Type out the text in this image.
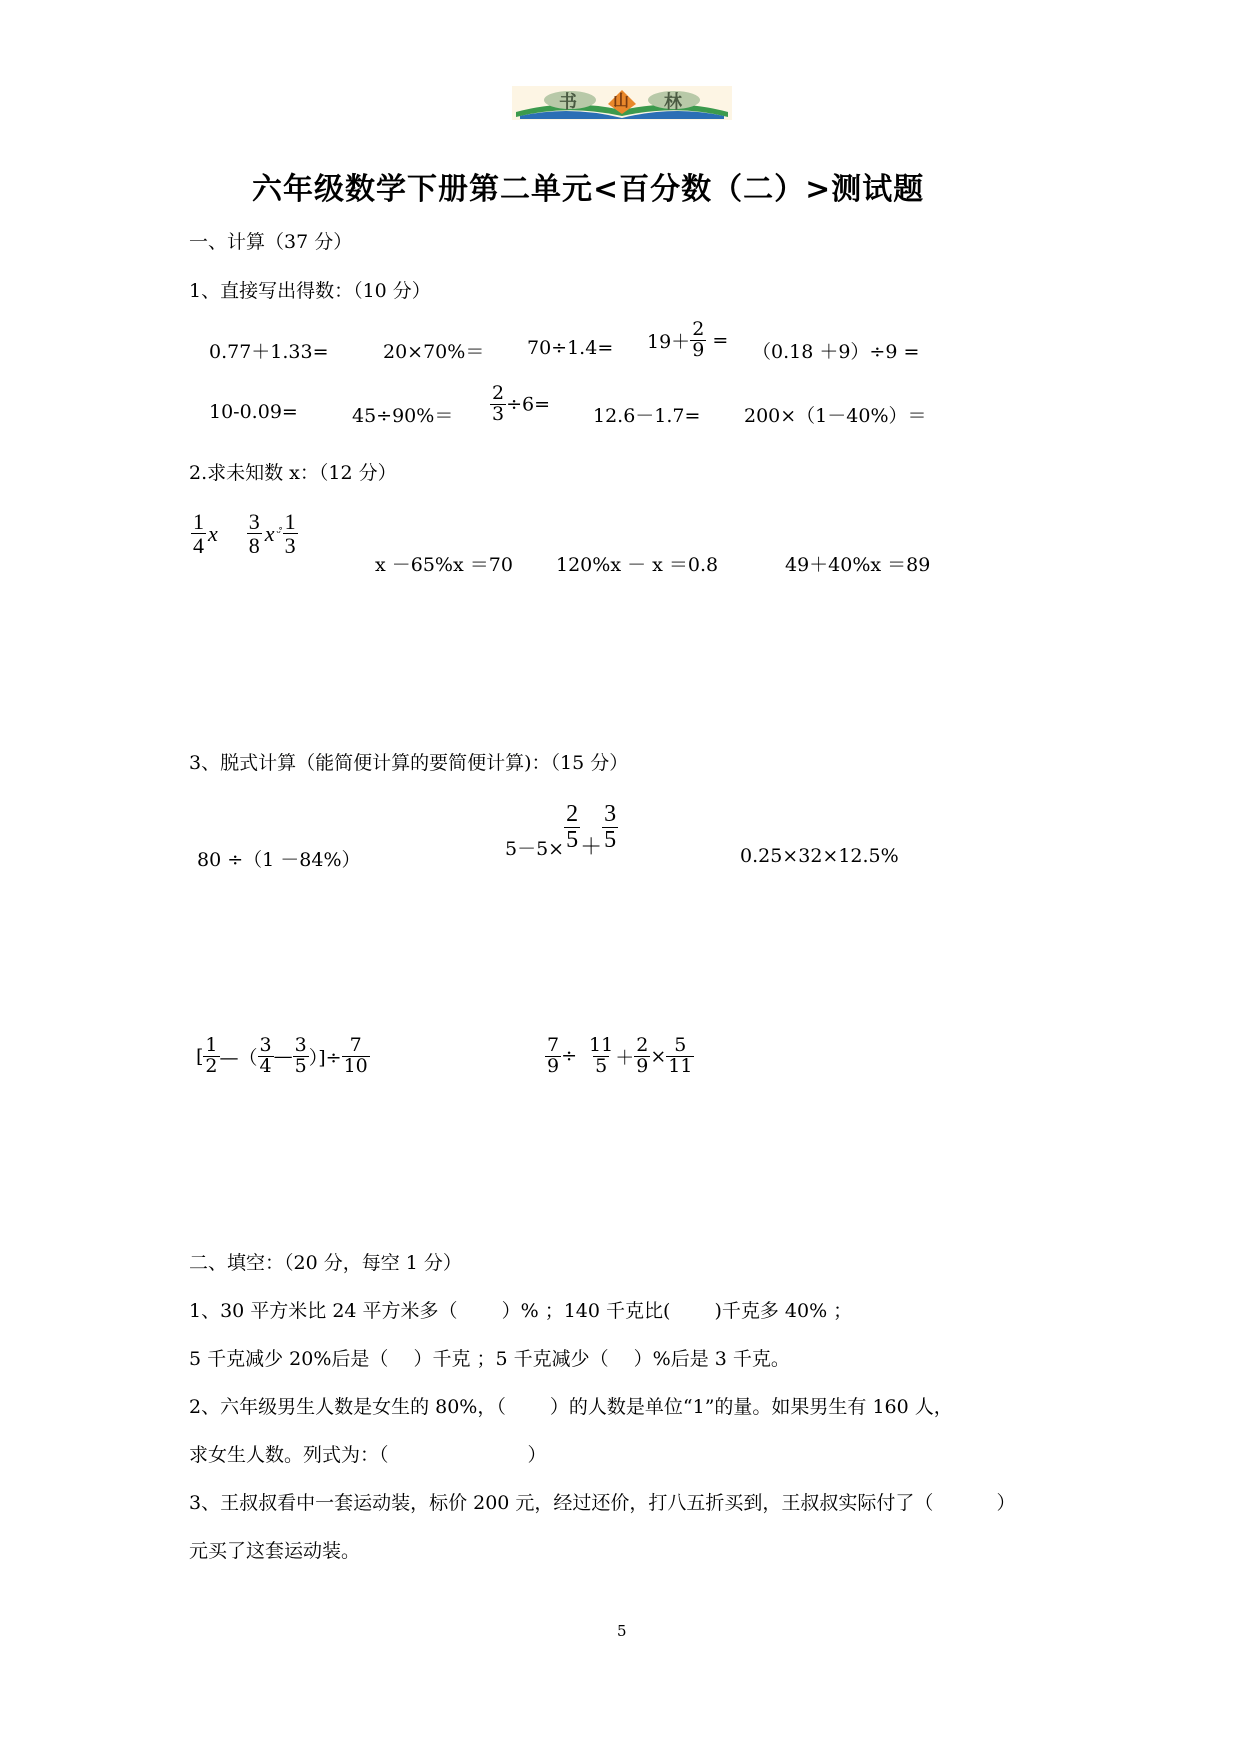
书 山 林
六年级数学下册第二单元<百分数（二）>测试题
一、计算（37 分）
1、直接写出得数：（10 分）
0.77＋1.33=	$20\times 70\%= 70\div 1.4= 19+ \frac{2}{9}$ =
（0.18 ＋9）÷9 =
10-0.09=	$45\div 90\%= \frac{2}{3} \div 6=$
12.6－1.7= 200×（1－40%）＝
2.求未知数 x：（12 分）
$\frac{1}{4}$ x $\frac{3}{8}$ x ᵕ̊ $\frac{1}{3}$
x －65%x ＝70 120%x － x ＝0.8	49＋40%x ＝89
3、脱式计算（能简便计算的要简便计算)：（15 分）
80 ÷（1 －84%）	$5-5\times \frac{2}{5} + \frac{3}{5}$
0.25×32×12.5%
[ $\frac{1}{2}$ —（ $\frac{3}{4}$ — $\frac{3}{5}$ ）]÷ $\frac{7}{10}$	$\frac{7}{9} \div \frac{11}{5} + \frac{2}{9} \times \frac{5}{11}$
二、填空：（20 分，每空 1 分）
1、30 平方米比 24 平方米多（　　 ）% ；140 千克比(　　 )千克多 40% ；
5 千克减少 20%后是（　 ）千克 ；5 千克减少（　 ）%后是 3 千克。
2、六年级男生人数是女生的 80%，（　　 ）的人数是单位“1”的量。如果男生有 160 人，
求女生人数。列式为：（　　　　　　　 ）
3、王叔叔看中一套运动装，标价 200 元，经过还价，打八五折买到，王叔叔实际付了（　　　 ）
元买了这套运动装。
5
